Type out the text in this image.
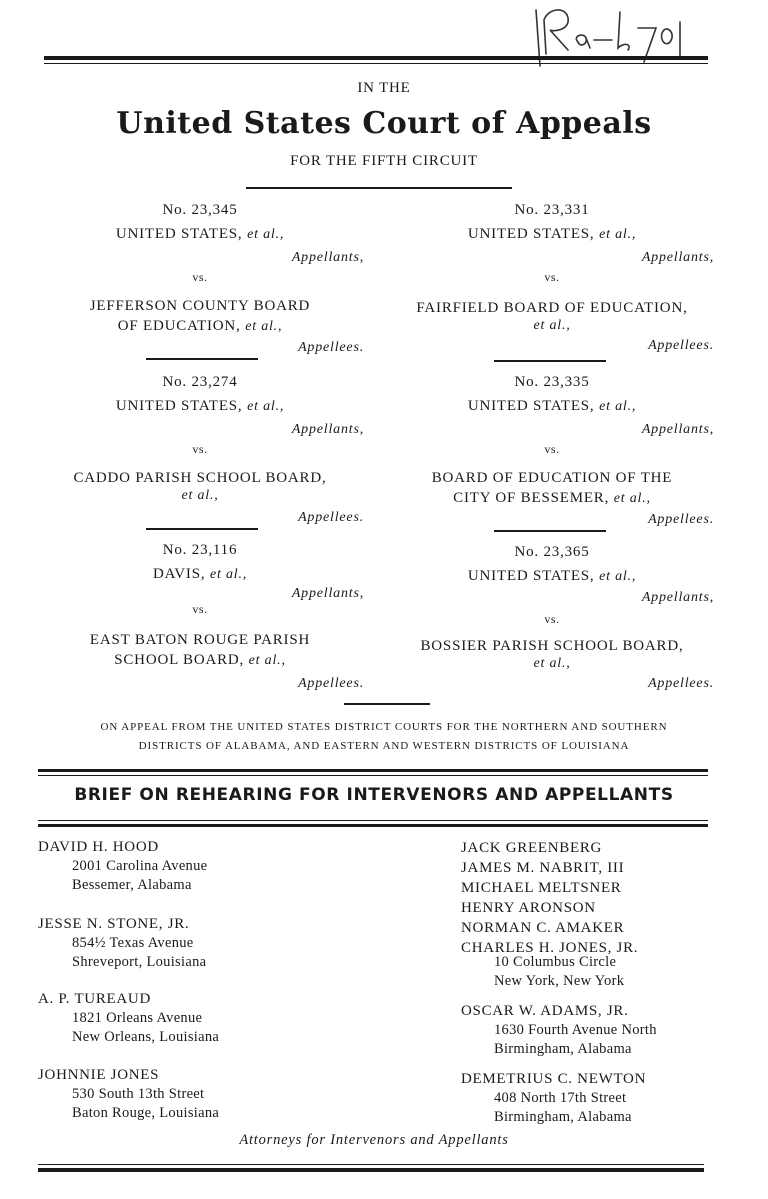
IN THE
United States Court of Appeals
FOR THE FIFTH CIRCUIT
No. 23,345
UNITED STATES, et al.,
Appellants,
vs.
JEFFERSON COUNTY BOARD
OF EDUCATION, et al.,
Appellees.
No. 23,331
UNITED STATES, et al.,
Appellants,
vs.
FAIRFIELD BOARD OF EDUCATION,
et al.,
Appellees.
No. 23,274
UNITED STATES, et al.,
Appellants,
vs.
CADDO PARISH SCHOOL BOARD,
et al.,
Appellees.
No. 23,335
UNITED STATES, et al.,
Appellants,
vs.
BOARD OF EDUCATION OF THE
CITY OF BESSEMER, et al.,
Appellees.
No. 23,116
DAVIS, et al.,
Appellants,
vs.
EAST BATON ROUGE PARISH
SCHOOL BOARD, et al.,
Appellees.
No. 23,365
UNITED STATES, et al.,
Appellants,
vs.
BOSSIER PARISH SCHOOL BOARD,
et al.,
Appellees.
ON APPEAL FROM THE UNITED STATES DISTRICT COURTS FOR THE NORTHERN AND SOUTHERN
DISTRICTS OF ALABAMA, AND EASTERN AND WESTERN DISTRICTS OF LOUISIANA
BRIEF ON REHEARING FOR INTERVENORS AND APPELLANTS
DAVID H. HOOD
2001 Carolina Avenue
Bessemer, Alabama
JESSE N. STONE, JR.
854½ Texas Avenue
Shreveport, Louisiana
A. P. TUREAUD
1821 Orleans Avenue
New Orleans, Louisiana
JOHNNIE JONES
530 South 13th Street
Baton Rouge, Louisiana
JACK GREENBERG
JAMES M. NABRIT, III
MICHAEL MELTSNER
HENRY ARONSON
NORMAN C. AMAKER
CHARLES H. JONES, JR.
10 Columbus Circle
New York, New York
OSCAR W. ADAMS, JR.
1630 Fourth Avenue North
Birmingham, Alabama
DEMETRIUS C. NEWTON
408 North 17th Street
Birmingham, Alabama
Attorneys for Intervenors and Appellants
